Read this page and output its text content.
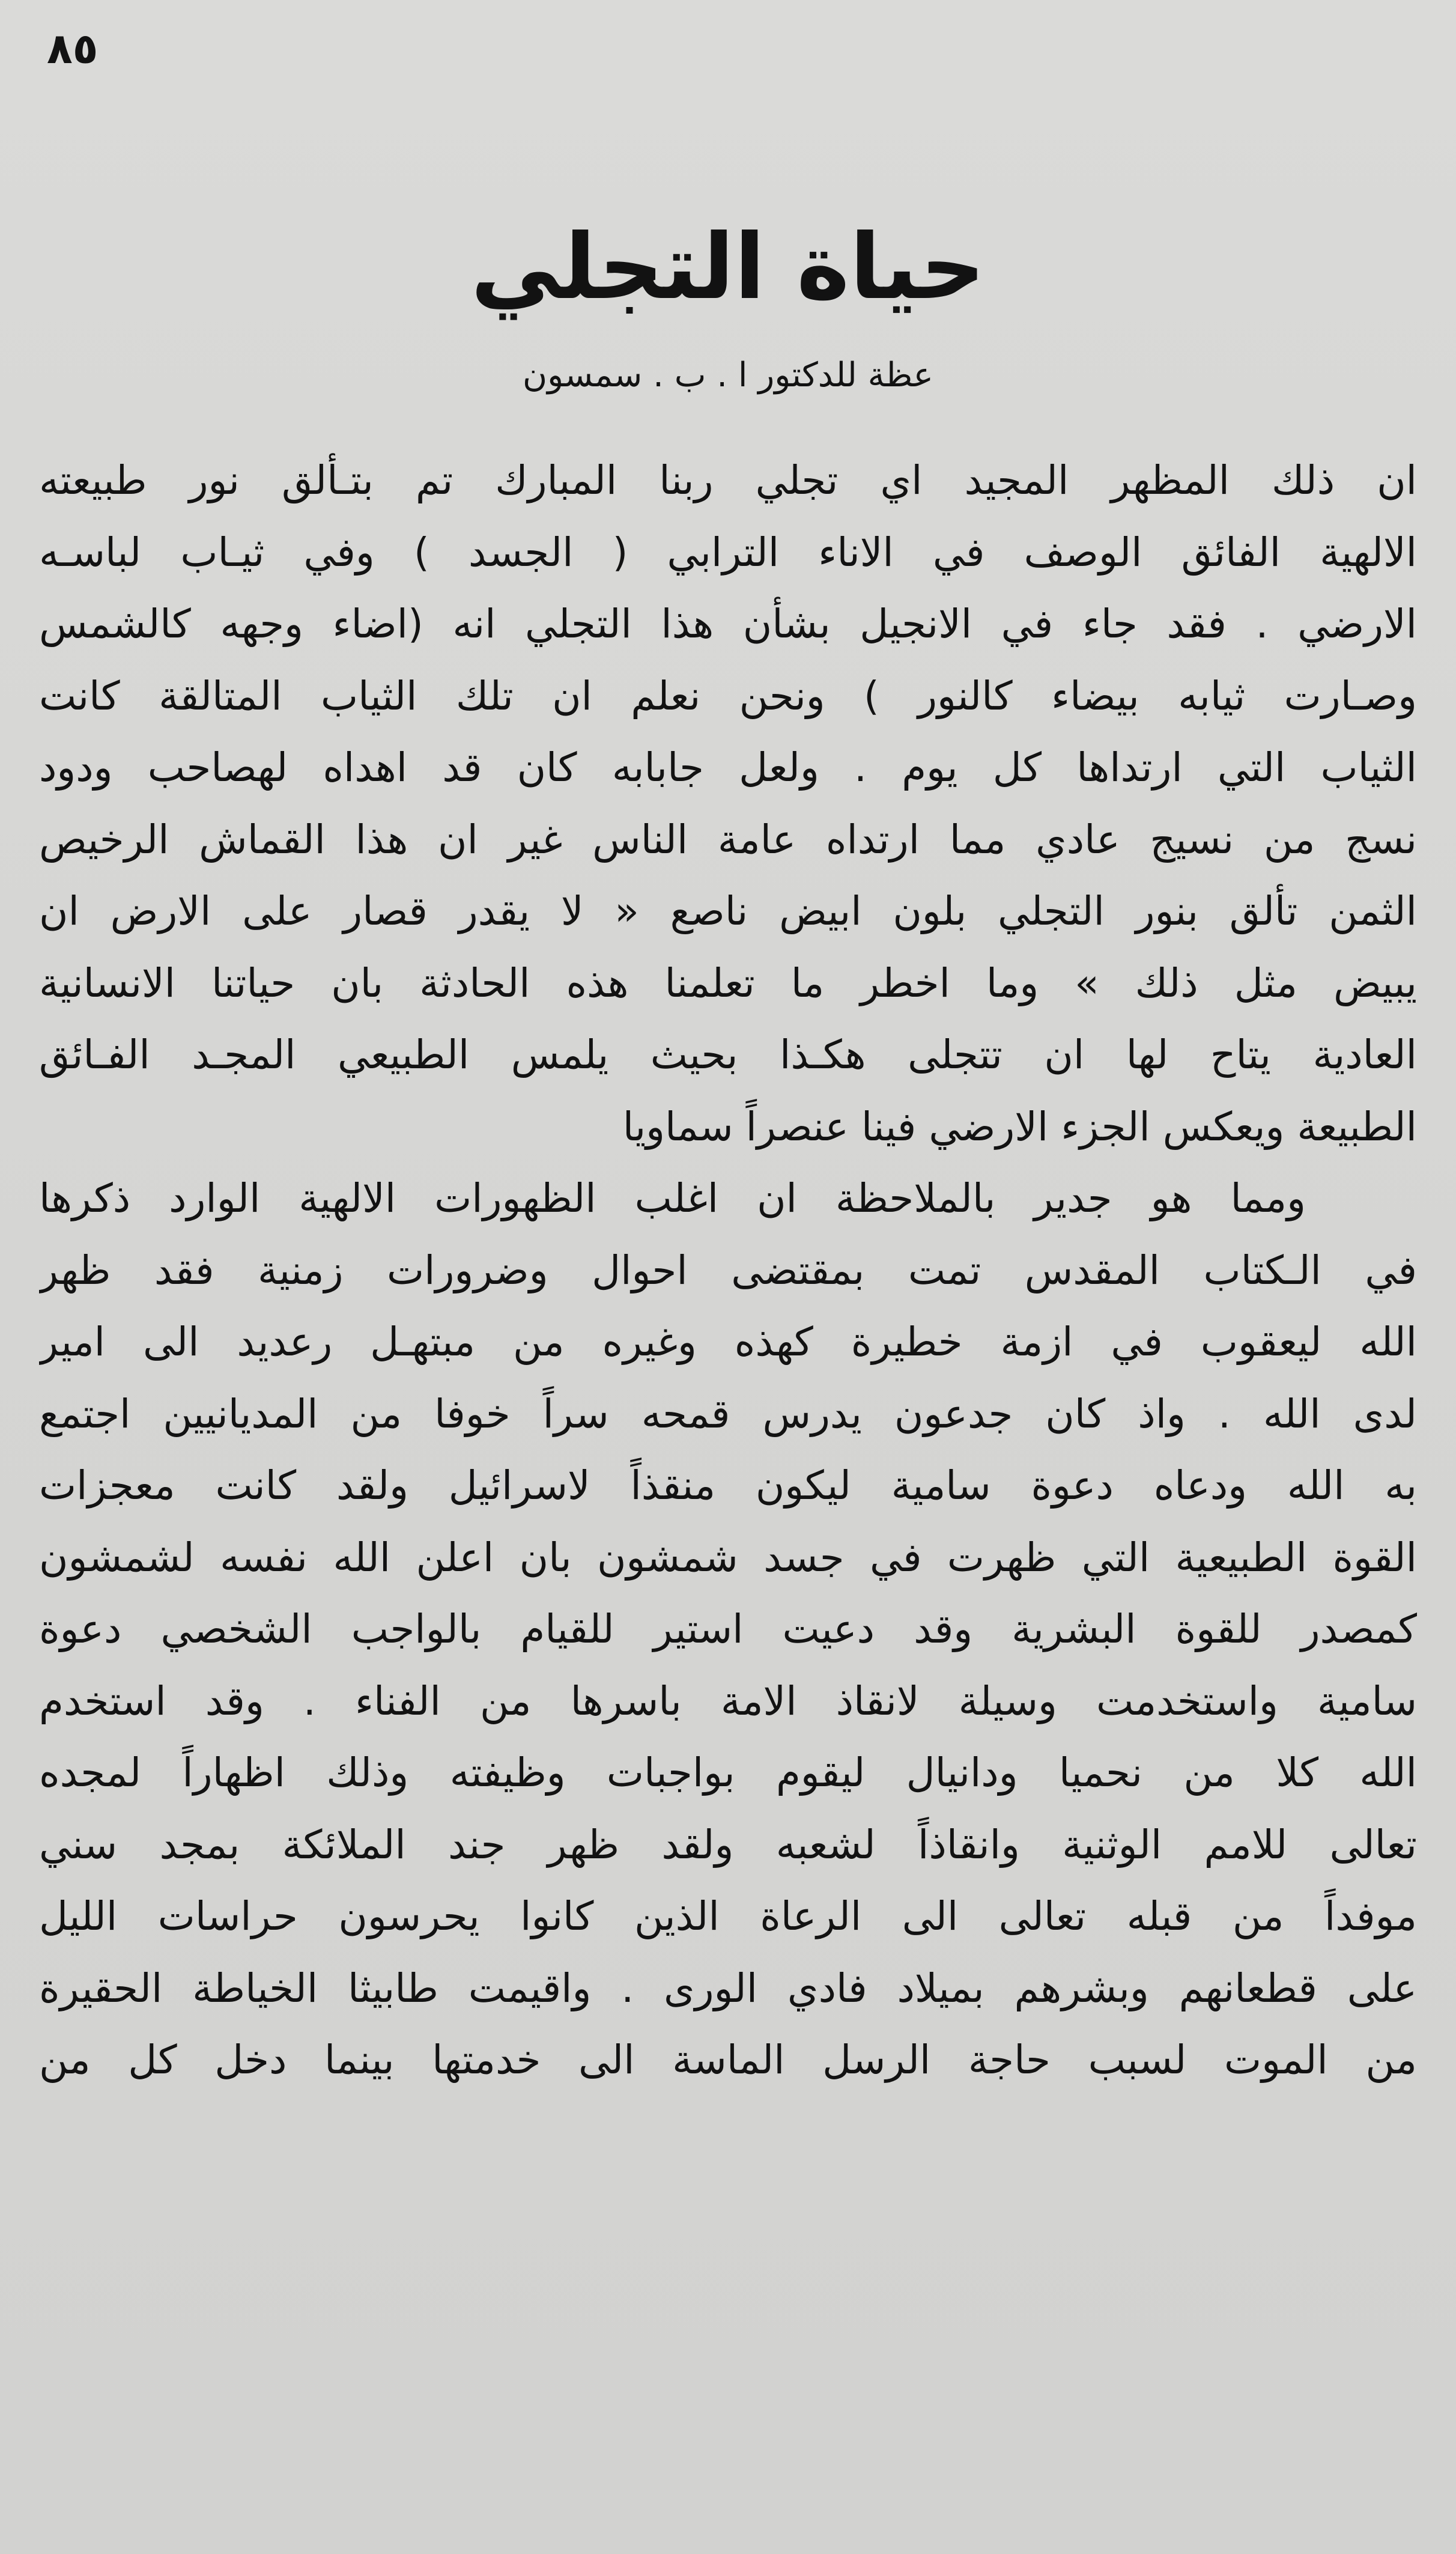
٨٥
حياة التجلي
عظة للدكتور ا . ب . سمسون
ان ذلك المظهر المجيد اي تجلي ربنا المبارك تم بتـألق نور طبيعته
الالهية الفائق الوصف في الاناء الترابي ( الجسد ) وفي ثيـاب لباسـه
الارضي . فقد جاء في الانجيل بشأن هذا التجلي انه (اضاء وجهه كالشمس
وصـارت ثيابه بيضاء كالنور ) ونحن نعلم ان تلك الثياب المتالقة كانت
الثياب التي ارتداها كل يوم . ولعل جابابه كان قد اهداه لهصاحب ودود
نسج من نسيج عادي مما ارتداه عامة الناس غير ان هذا القماش الرخيص
الثمن تألق بنور التجلي بلون ابيض ناصع « لا يقدر قصار على الارض ان
يبيض مثل ذلك » وما اخطر ما تعلمنا هذه الحادثة بان حياتنا الانسانية
العادية يتاح لها ان تتجلى هكـذا بحيث يلمس الطبيعي المجـد الفـائق
الطبيعة ويعكس الجزء الارضي فينا عنصراً سماويا
ومما هو جدير بالملاحظة ان اغلب الظهورات الالهية الوارد ذكرها
في الـكتاب المقدس تمت بمقتضى احوال وضرورات زمنية فقد ظهر
الله ليعقوب في ازمة خطيرة كهذه وغيره من مبتهـل رعديد الى امير
لدى الله . واذ كان جدعون يدرس قمحه سراً خوفا من المديانيين اجتمع
به الله ودعاه دعوة سامية ليكون منقذاً لاسرائيل ولقد كانت معجزات
القوة الطبيعية التي ظهرت في جسد شمشون بان اعلن الله نفسه لشمشون
كمصدر للقوة البشرية وقد دعيت استير للقيام بالواجب الشخصي دعوة
سامية واستخدمت وسيلة لانقاذ الامة باسرها من الفناء . وقد استخدم
الله كلا من نحميا ودانيال ليقوم بواجبات وظيفته وذلك اظهاراً لمجده
تعالى للامم الوثنية وانقاذاً لشعبه ولقد ظهر جند الملائكة بمجد سني
موفداً من قبله تعالى الى الرعاة الذين كانوا يحرسون حراسات الليل
على قطعانهم وبشرهم بميلاد فادي الورى . واقيمت طابيثا الخياطة الحقيرة
من الموت لسبب حاجة الرسل الماسة الى خدمتها بينما دخل كل من
